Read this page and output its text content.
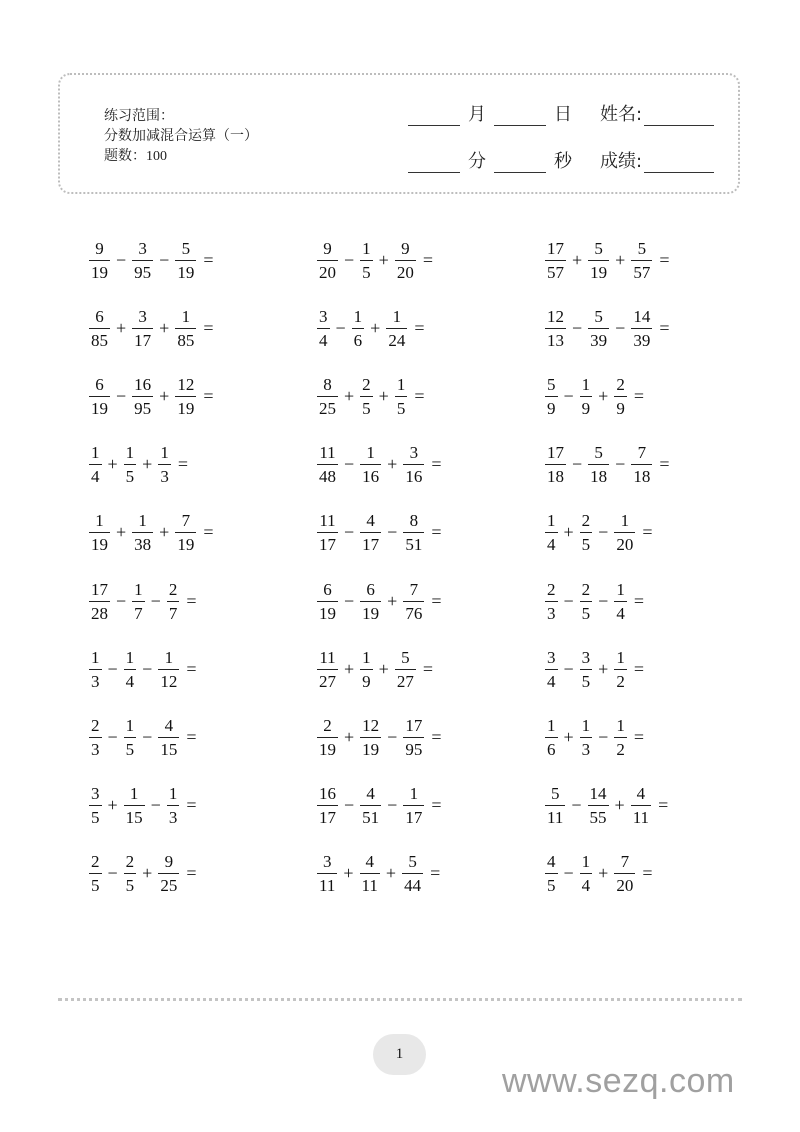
练习范围：
分数加减混合运算（一）
题数：100
月	日 姓名:
分	秒 成绩:
$\frac{9}{19} - \frac{3}{95} - \frac{5}{19}$ =
$\frac{6}{85} + \frac{3}{17} + \frac{1}{85}$ =
$\frac{6}{19} - \frac{16}{95} + \frac{12}{19}$ =
$\frac{1}{4} + \frac{1}{5} + \frac{1}{3}$ =
$\frac{1}{19} + \frac{1}{38} + \frac{7}{19}$ =
$\frac{17}{28} - \frac{1}{7} - \frac{2}{7}$ =
$\frac{1}{3} - \frac{1}{4} - \frac{1}{12}$ =
$\frac{2}{3} - \frac{1}{5} - \frac{4}{15}$ =
$\frac{3}{5} + \frac{1}{15} - \frac{1}{3}$ =
$\frac{2}{5} - \frac{2}{5} + \frac{9}{25}$ =
$\frac{9}{20} - \frac{1}{5} + \frac{9}{20}$ =
$\frac{3}{4} - \frac{1}{6} + \frac{1}{24}$ =
$\frac{8}{25} + \frac{2}{5} + \frac{1}{5}$ =
$\frac{11}{48} - \frac{1}{16} + \frac{3}{16}$ =
$\frac{11}{17} - \frac{4}{17} - \frac{8}{51}$ =
$\frac{6}{19} - \frac{6}{19} + \frac{7}{76}$ =
$\frac{11}{27} + \frac{1}{9} + \frac{5}{27}$ =
$\frac{2}{19} + \frac{12}{19} - \frac{17}{95}$ =
$\frac{16}{17} - \frac{4}{51} - \frac{1}{17}$ =
$\frac{3}{11} + \frac{4}{11} + \frac{5}{44}$ =
$\frac{17}{57} + \frac{5}{19} + \frac{5}{57}$ =
$\frac{12}{13} - \frac{5}{39} - \frac{14}{39}$ =
$\frac{5}{9} - \frac{1}{9} + \frac{2}{9}$ =
$\frac{17}{18} - \frac{5}{18} - \frac{7}{18}$ =
$\frac{1}{4} + \frac{2}{5} - \frac{1}{20}$ =
$\frac{2}{3} - \frac{2}{5} - \frac{1}{4}$ =
$\frac{3}{4} - \frac{3}{5} + \frac{1}{2}$ =
$\frac{1}{6} + \frac{1}{3} - \frac{1}{2}$ =
$\frac{5}{11} - \frac{14}{55} + \frac{4}{11}$ =
$\frac{4}{5} - \frac{1}{4} + \frac{7}{20}$ =
1
www.sezq.com
